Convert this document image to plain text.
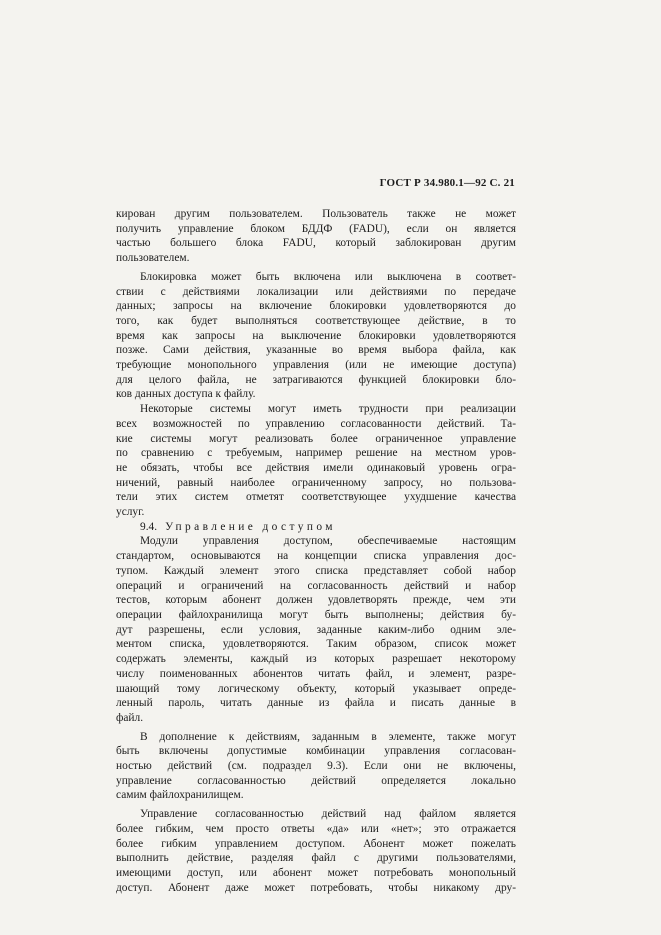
ГОСТ Р 34.980.1—92 С. 21

кирован другим пользователем. Пользователь также не может

получить управление блоком БДДФ (FADU), если он является

частью большего блока FADU, который заблокирован другим

пользователем.

Блокировка может быть включена или выключена в соответ-

ствии с действиями локализации или действиями по передаче

данных; запросы на включение блокировки удовлетворяются до

того, как будет выполняться соответствующее действие, в то

время как запросы на выключение блокировки удовлетворяются

позже. Сами действия, указанные во время выбора файла, как

требующие монопольного управления (или не имеющие доступа)

для целого файла, не затрагиваются функцией блокировки бло-

ков данных доступа к файлу.

Некоторые системы могут иметь трудности при реализации

всех возможностей по управлению согласованности действий. Та-

кие системы могут реализовать более ограниченное управление

по сравнению с требуемым, например решение на местном уров-

не обязать, чтобы все действия имели одинаковый уровень огра-

ничений, равный наиболее ограниченному запросу, но пользова-

тели этих систем отметят соответствующее ухудшение качества

услуг.

9.4. Управление доступом

Модули управления доступом, обеспечиваемые настоящим

стандартом, основываются на концепции списка управления дос-

тупом. Каждый элемент этого списка представляет собой набор

операций и ограничений на согласованность действий и набор

тестов, которым абонент должен удовлетворять прежде, чем эти

операции файлохранилища могут быть выполнены; действия бу-

дут разрешены, если условия, заданные каким-либо одним эле-

ментом списка, удовлетворяются. Таким образом, список может

содержать элементы, каждый из которых разрешает некоторому

числу поименованных абонентов читать файл, и элемент, разре-

шающий тому логическому объекту, который указывает опреде-

ленный пароль, читать данные из файла и писать данные в

файл.

В дополнение к действиям, заданным в элементе, также могут

быть включены допустимые комбинации управления согласован-

ностью действий (см. подраздел 9.3). Если они не включены,

управление согласованностью действий определяется локально

самим файлохранилищем.

Управление согласованностью действий над файлом является

более гибким, чем просто ответы «да» или «нет»; это отражается

более гибким управлением доступом. Абонент может пожелать

выполнить действие, разделяя файл с другими пользователями,

имеющими доступ, или абонент может потребовать монопольный

доступ. Абонент даже может потребовать, чтобы никакому дру-
